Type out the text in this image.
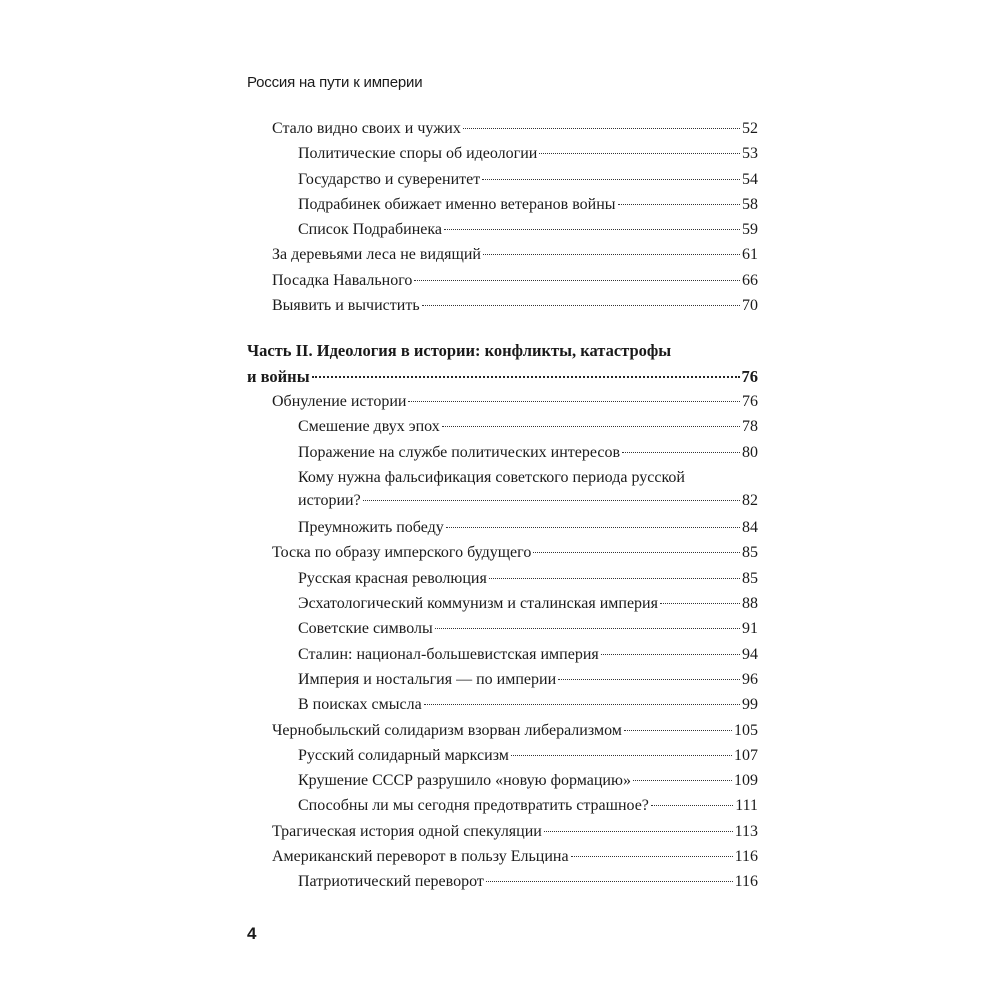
Россия на пути к империи
Стало видно своих и чужих	52
Политические споры об идеологии	53
Государство и суверенитет	54
Подрабинек обижает именно ветеранов войны	58
Список Подрабинека	59
За деревьями леса не видящий	61
Посадка Навального	66
Выявить и вычистить	70
Часть II. Идеология в истории: конфликты, катастрофы
и войны	76
Обнуление истории	76
Смешение двух эпох	78
Поражение на службе политических интересов	80
Кому нужна фальсификация советского периода русской
истории?	82
Преумножить победу	84
Тоска по образу имперского будущего	85
Русская красная революция	85
Эсхатологический коммунизм и сталинская империя	88
Советские символы	91
Сталин: национал-большевистская империя	94
Империя и ностальгия — по империи	96
В поисках смысла	99
Чернобыльский солидаризм взорван либерализмом	105
Русский солидарный марксизм	107
Крушение СССР разрушило «новую формацию»	109
Способны ли мы сегодня предотвратить страшное?	111
Трагическая история одной спекуляции	113
Американский переворот в пользу Ельцина	116
Патриотический переворот	116
4
